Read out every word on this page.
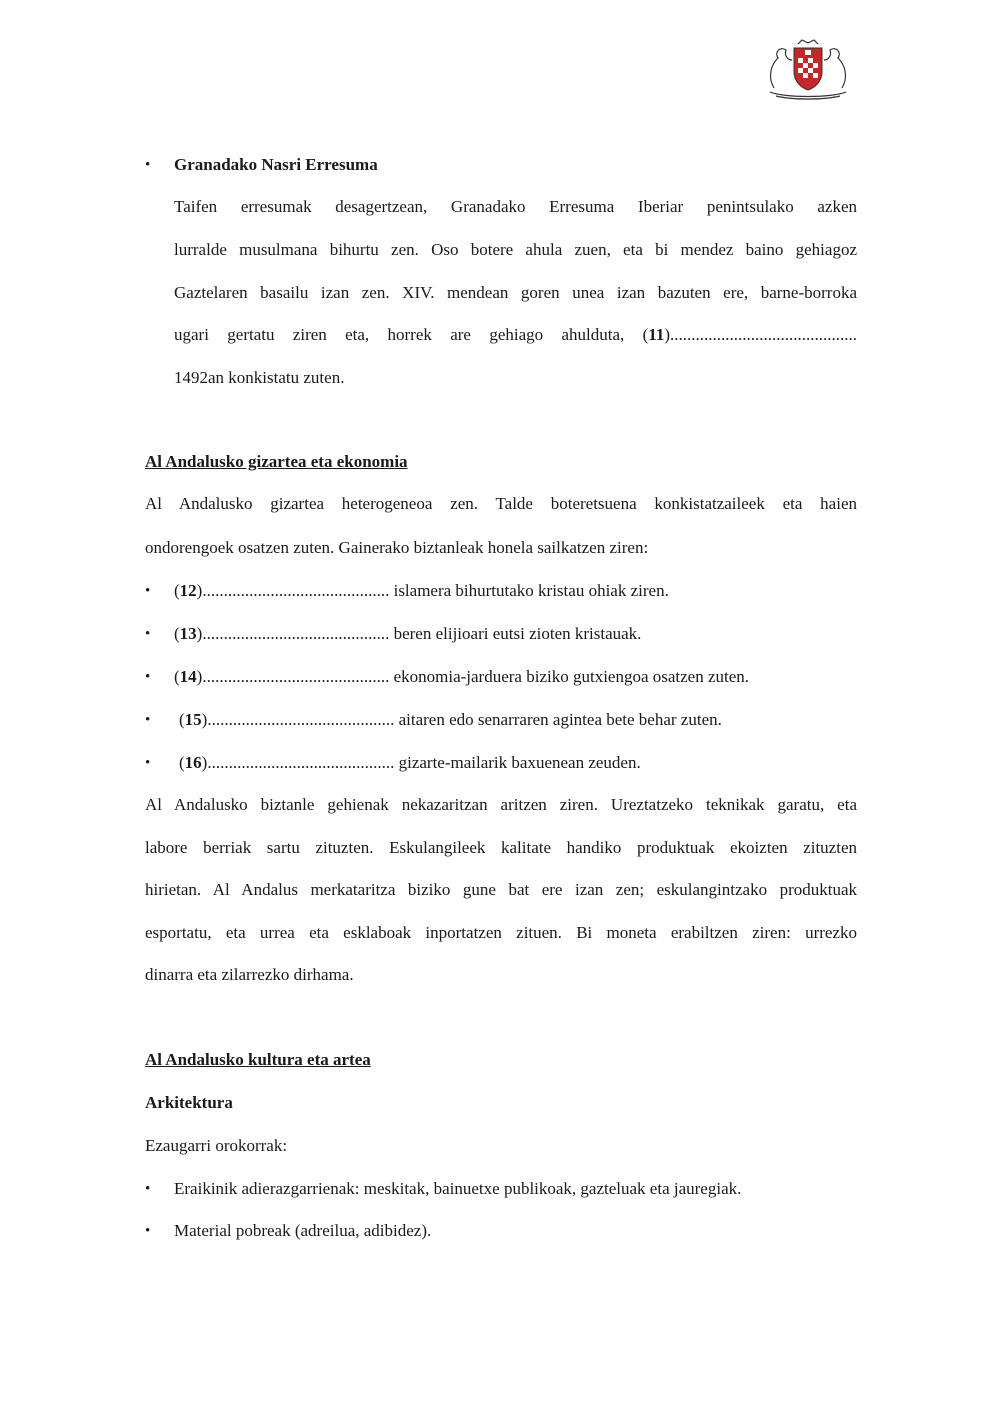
• Granadako Nasri Erresuma
Taifen erresumak desagertzean, Granadako Erresuma Iberiar penintsulako azken
lurralde musulmana bihurtu zen. Oso botere ahula zuen, eta bi mendez baino gehiagoz
Gaztelaren basailu izan zen. XIV. mendean goren unea izan bazuten ere, barne-borroka
ugari gertatu ziren eta, horrek are gehiago ahulduta, ( 11 )............................................
1492an konkistatu zuten.
Al Andalusko gizartea eta ekonomia
Al Andalusko gizartea heterogeneoa zen. Talde boteretsuena konkistatzaileek eta haien
ondorengoek osatzen zuten. Gainerako biztanleak honela sailkatzen ziren:
• (12)............................................ islamera bihurtutako kristau ohiak ziren.
• (13)............................................ beren elijioari eutsi zioten kristauak.
• (14)............................................ ekonomia-jarduera biziko gutxiengoa osatzen zuten.
• (15)............................................ aitaren edo senarraren agintea bete behar zuten.
• (16)............................................ gizarte-mailarik baxuenean zeuden.
Al Andalusko biztanle gehienak nekazaritzan aritzen ziren. Ureztatzeko teknikak garatu, eta
labore berriak sartu zituzten. Eskulangileek kalitate handiko produktuak ekoizten zituzten
hirietan. Al Andalus merkataritza biziko gune bat ere izan zen; eskulangintzako produktuak
esportatu, eta urrea eta esklaboak inportatzen zituen. Bi moneta erabiltzen ziren: urrezko
dinarra eta zilarrezko dirhama.
Al Andalusko kultura eta artea
Arkitektura
Ezaugarri orokorrak:
• Eraikinik adierazgarrienak: meskitak, bainuetxe publikoak, gazteluak eta jauregiak.
• Material pobreak (adreilua, adibidez).
